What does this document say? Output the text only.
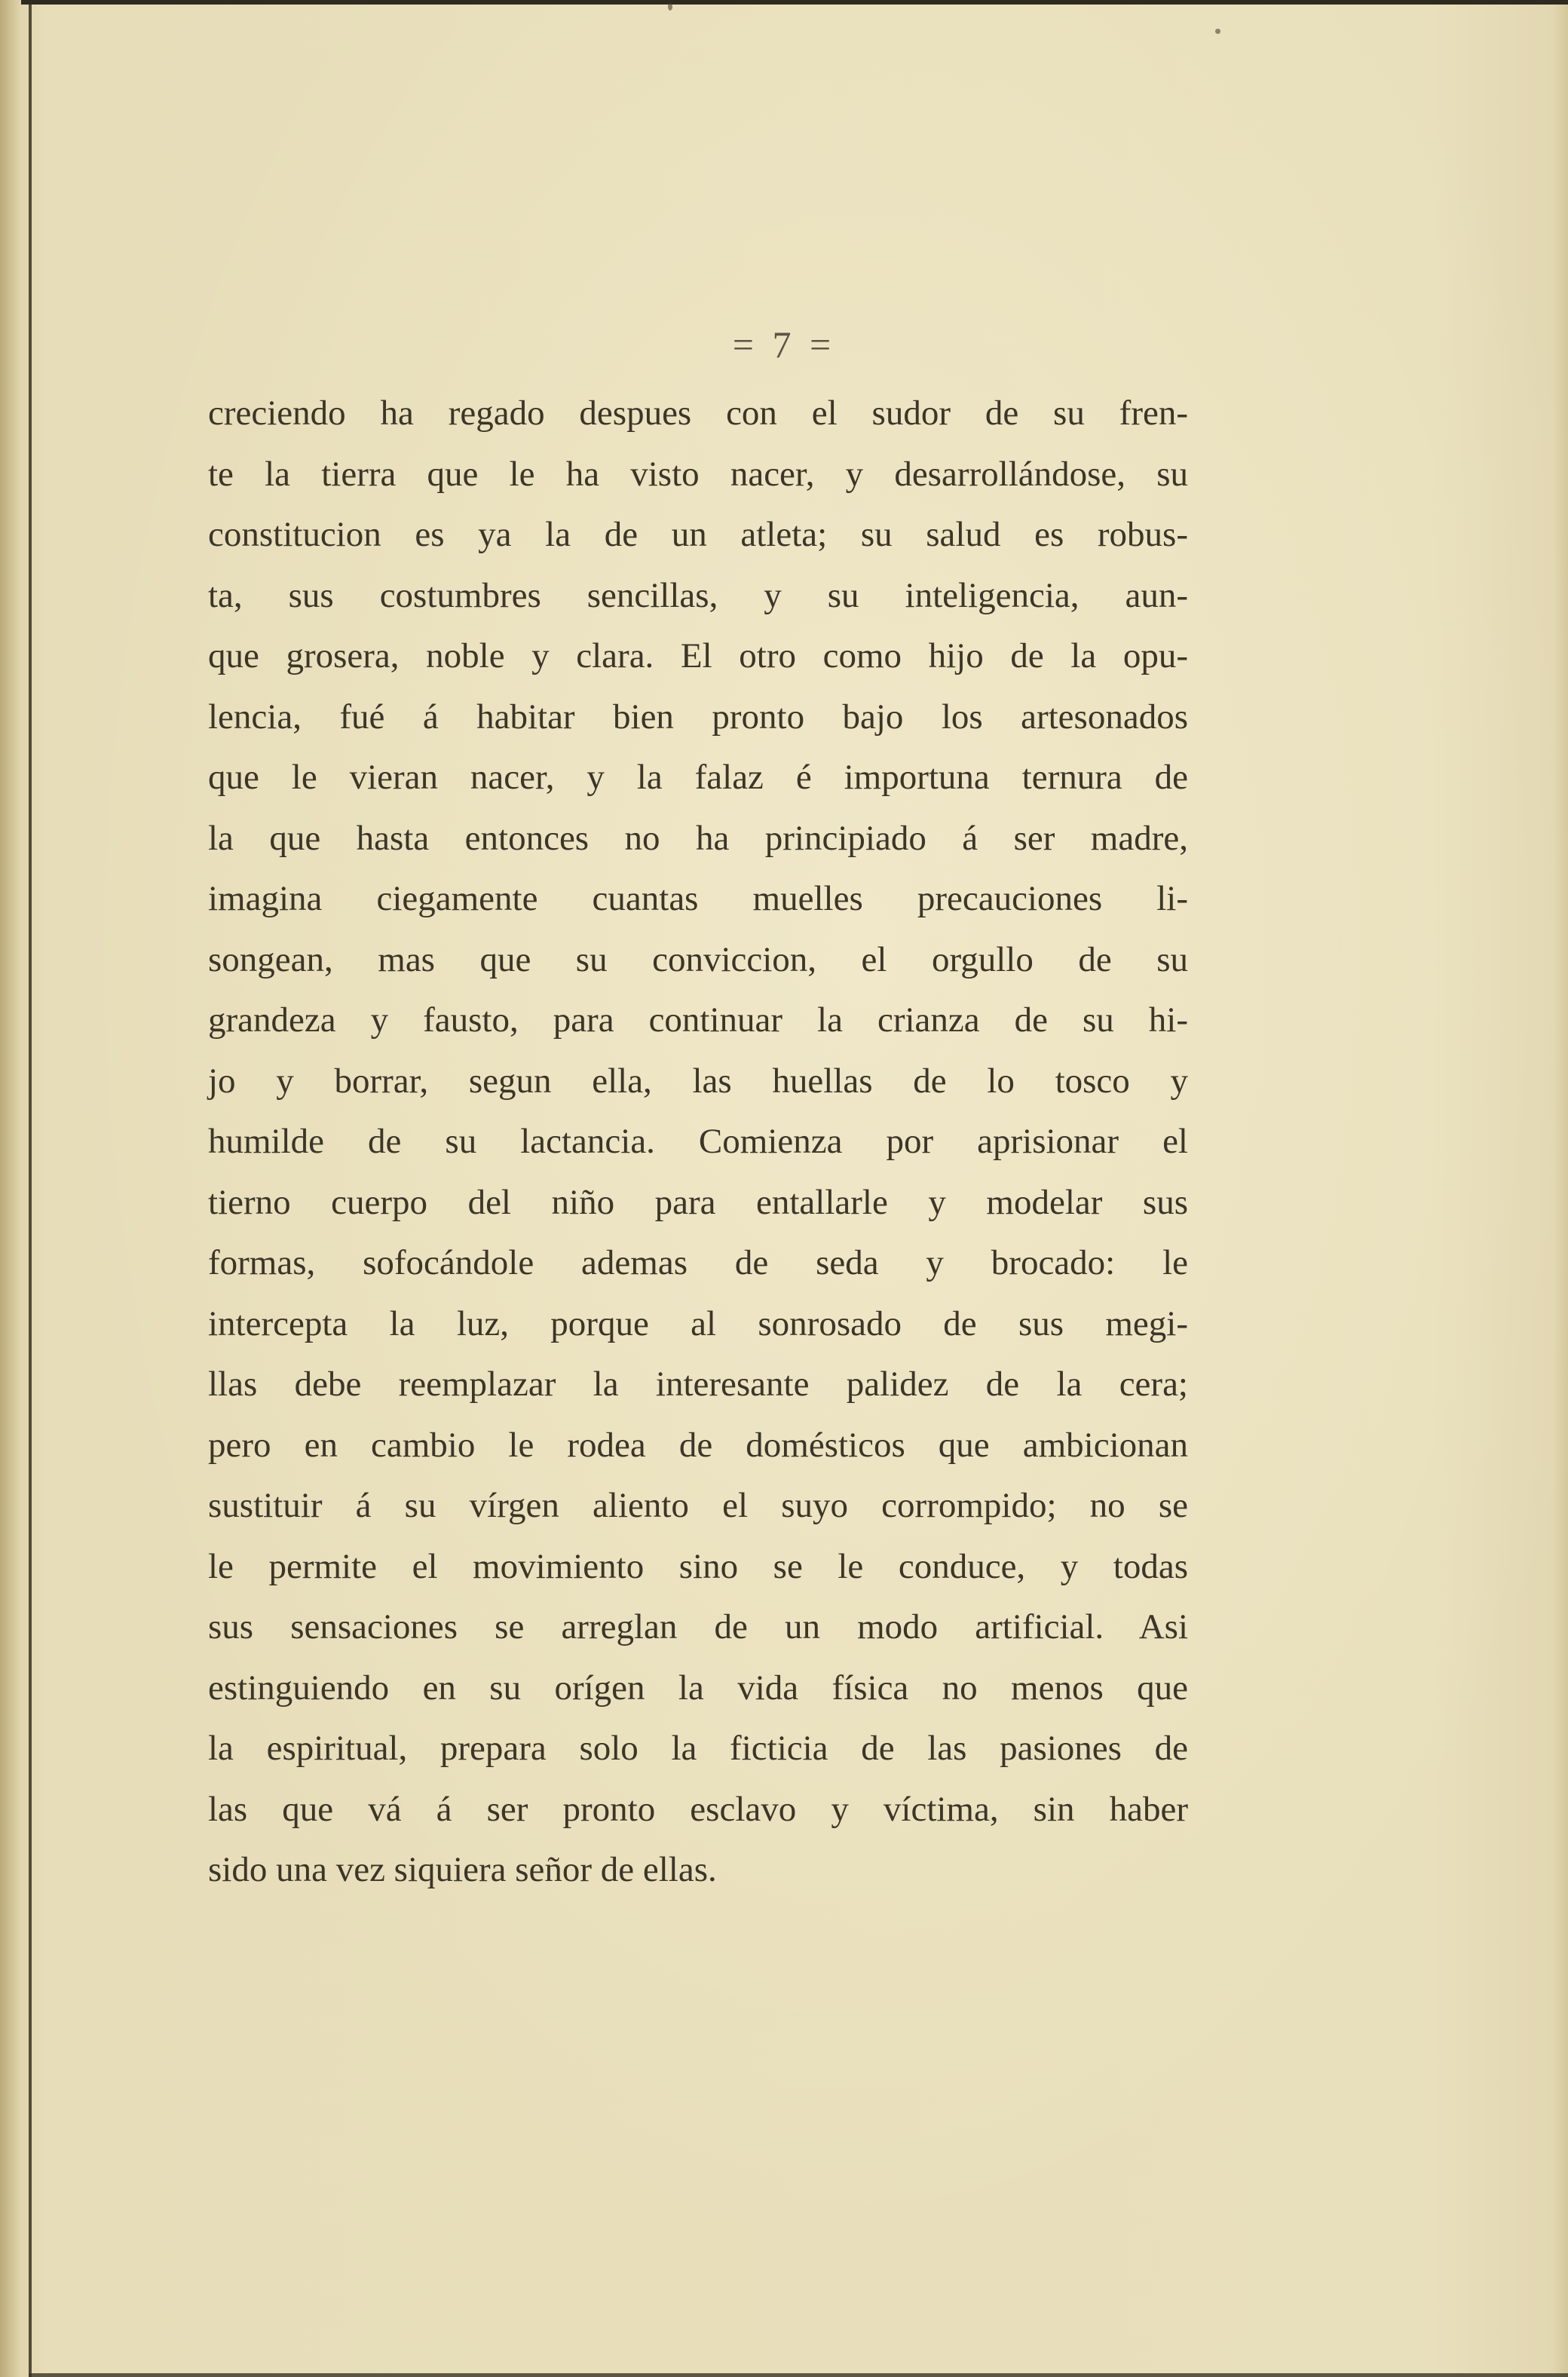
= 7 =
creciendo ha regado despues con el sudor de su fren-
te la tierra que le ha visto nacer, y desarrollándose, su
constitucion es ya la de un atleta; su salud es robus-
ta, sus costumbres sencillas, y su inteligencia, aun-
que grosera, noble y clara. El otro como hijo de la opu-
lencia, fué á habitar bien pronto bajo los artesonados
que le vieran nacer, y la falaz é importuna ternura de
la que hasta entonces no ha principiado á ser madre,
imagina ciegamente cuantas muelles precauciones li-
songean, mas que su conviccion, el orgullo de su
grandeza y fausto, para continuar la crianza de su hi-
jo y borrar, segun ella, las huellas de lo tosco y
humilde de su lactancia. Comienza por aprisionar el
tierno cuerpo del niño para entallarle y modelar sus
formas, sofocándole ademas de seda y brocado: le
intercepta la luz, porque al sonrosado de sus megi-
llas debe reemplazar la interesante palidez de la cera;
pero en cambio le rodea de domésticos que ambicionan
sustituir á su vírgen aliento el suyo corrompido; no se
le permite el movimiento sino se le conduce, y todas
sus sensaciones se arreglan de un modo artificial. Asi
estinguiendo en su orígen la vida física no menos que
la espiritual, prepara solo la ficticia de las pasiones de
las que vá á ser pronto esclavo y víctima, sin haber
sido una vez siquiera señor de ellas.
